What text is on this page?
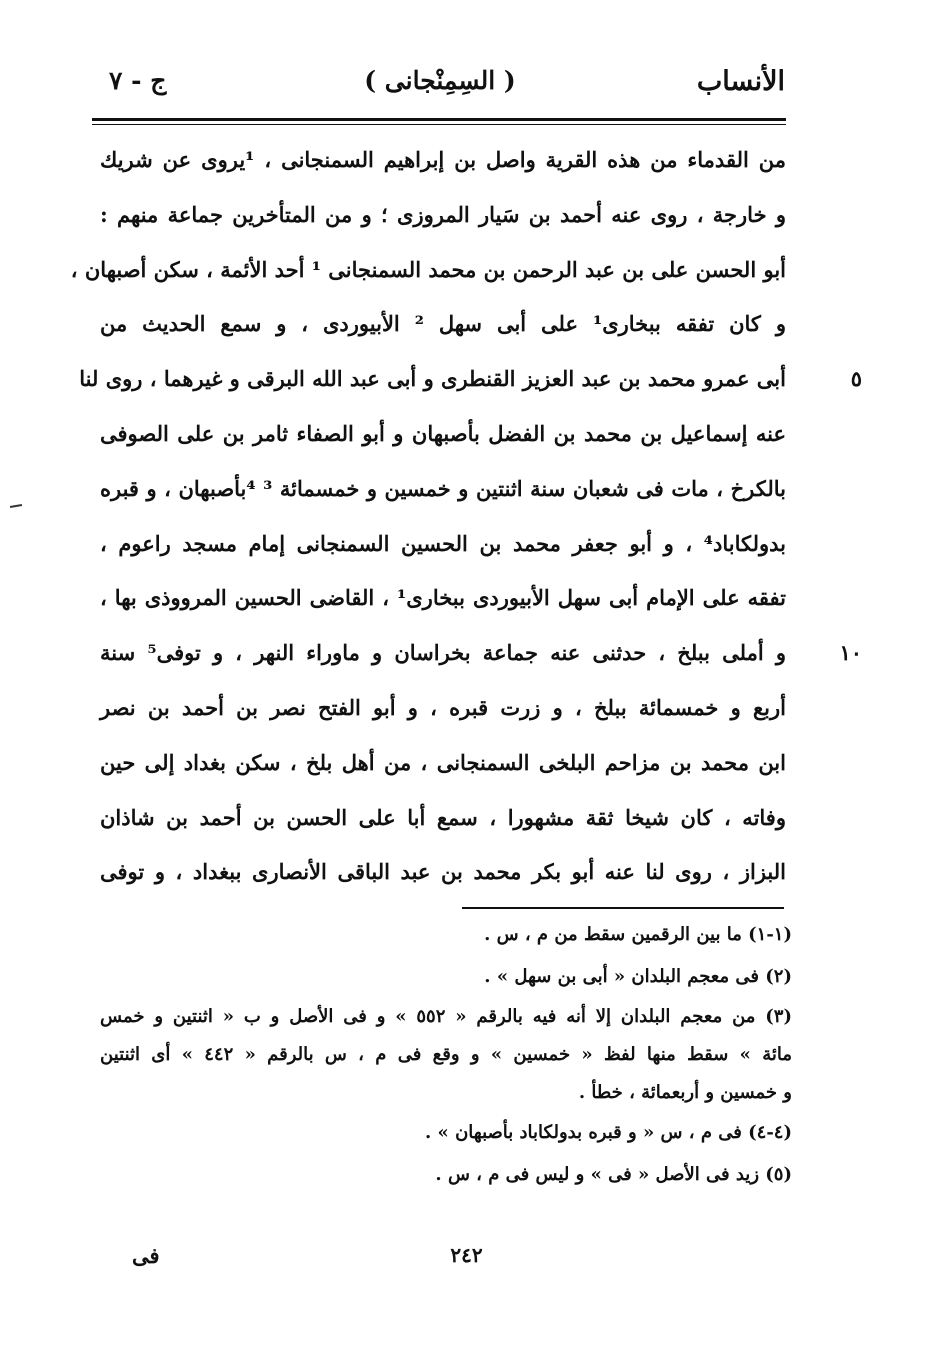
الأنساب
( السِمِنْجانى )
ج - ٧
من القدماء من هذه القرية واصل بن إبراهيم السمنجانى ، ¹يروى عن شريك
و خارجة ، روى عنه أحمد بن سَيار المروزى ؛ و من المتأخرين جماعة منهم :
أبو الحسن على بن عبد الرحمن بن محمد السمنجانى ¹ أحد الأئمة ، سكن أصبهان ،
و كان تفقه ببخارى¹ على أبى سهل ² الأبيوردى ، و سمع الحديث من
أبى عمرو محمد بن عبد العزيز القنطرى و أبى عبد الله البرقى و غيرهما ، روى لنا	٥
عنه إسماعيل بن محمد بن الفضل بأصبهان و أبو الصفاء ثامر بن على الصوفى
بالكرخ ، مات فى شعبان سنة اثنتين و خمسين و خمسمائة ³ ⁴بأصبهان ، و قبره
بدولكاباد⁴ ، و أبو جعفر محمد بن الحسين السمنجانى إمام مسجد راعوم ،
تفقه على الإمام أبى سهل الأبيوردى ببخارى¹ ، القاضى الحسين المرووذى بها ،
و أملى ببلخ ، حدثنى عنه جماعة بخراسان و ماوراء النهر ، و توفى⁵ سنة	١٠
أربع و خمسمائة ببلخ ، و زرت قبره ، و أبو الفتح نصر بن أحمد بن نصر
ابن محمد بن مزاحم البلخى السمنجانى ، من أهل بلخ ، سكن بغداد إلى حين
وفاته ، كان شيخا ثقة مشهورا ، سمع أبا على الحسن بن أحمد بن شاذان
البزاز ، روى لنا عنه أبو بكر محمد بن عبد الباقى الأنصارى ببغداد ، و توفى
(١-١) ما بين الرقمين سقط من م ، س .
(٢) فى معجم البلدان « أبى بن سهل » .
(٣) من معجم البلدان إلا أنه فيه بالرقم « ٥٥٢ » و فى الأصل و ب « اثنتين و خمس
مائة » سقط منها لفظ « خمسين » و وقع فى م ، س بالرقم « ٤٤٢ » أى اثنتين
و خمسين و أربعمائة ، خطأ .
(٤-٤) فى م ، س « و قبره بدولكاباد بأصبهان » .
(٥) زيد فى الأصل « فى » و ليس فى م ، س .
٢٤٢
فى
